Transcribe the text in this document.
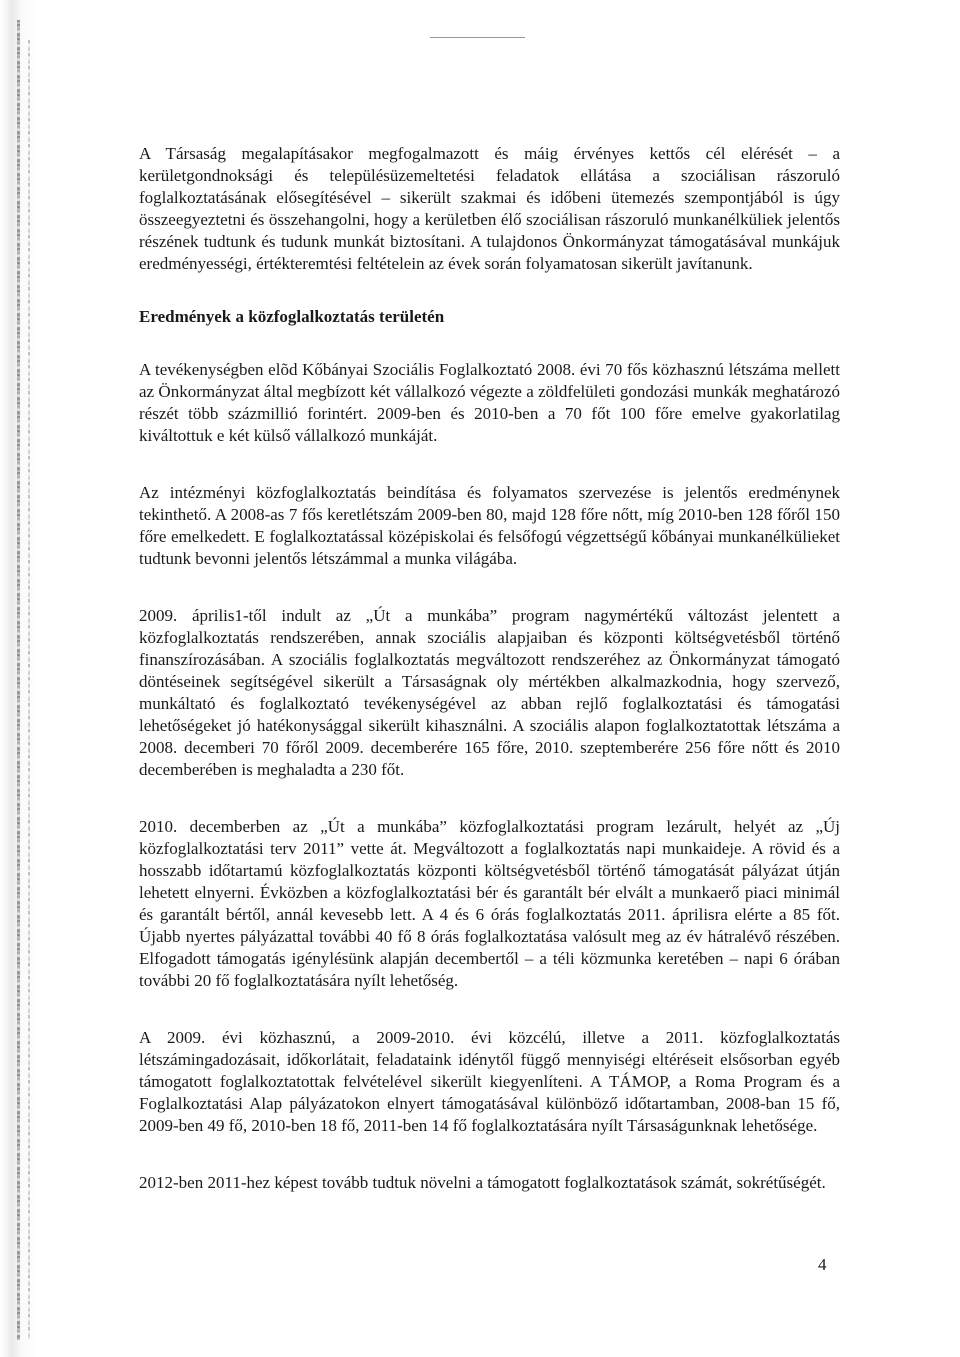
A Társaság megalapításakor megfogalmazott és máig érvényes kettős cél elérését – a kerületgondnoksági és településüzemeltetési feladatok ellátása a szociálisan rászoruló foglalkoztatásának elősegítésével – sikerült szakmai és időbeni ütemezés szempontjából is úgy összeegyeztetni és összehangolni, hogy a kerületben élő szociálisan rászoruló munkanélküliek jelentős részének tudtunk és tudunk munkát biztosítani. A tulajdonos Önkormányzat támogatásával munkájuk eredményességi, értékteremtési feltételein az évek során folyamatosan sikerült javítanunk.

Eredmények a közfoglalkoztatás területén

A tevékenységben elõd Kőbányai Szociális Foglalkoztató 2008. évi 70 fős közhasznú létszáma mellett az Önkormányzat által megbízott két vállalkozó végezte a zöldfelületi gondozási munkák meghatározó részét több százmillió forintért. 2009-ben és 2010-ben a 70 főt 100 főre emelve gyakorlatilag kiváltottuk e két külső vállalkozó munkáját.

Az intézményi közfoglalkoztatás beindítása és folyamatos szervezése is jelentős eredménynek tekinthető. A 2008-as 7 fős keretlétszám 2009-ben 80, majd 128 főre nőtt, míg 2010-ben 128 főről 150 főre emelkedett. E foglalkoztatással középiskolai és felsőfogú végzettségű kőbányai munkanélkülieket tudtunk bevonni jelentős létszámmal a munka világába.

2009. április1-től indult az „Út a munkába” program nagymértékű változást jelentett a közfoglalkoztatás rendszerében, annak szociális alapjaiban és központi költségvetésből történő finanszírozásában. A szociális foglalkoztatás megváltozott rendszeréhez az Önkormányzat támogató döntéseinek segítségével sikerült a Társaságnak oly mértékben alkalmazkodnia, hogy szervező, munkáltató és foglalkoztató tevékenységével az abban rejlő foglalkoztatási és támogatási lehetőségeket jó hatékonysággal sikerült kihasználni. A szociális alapon foglalkoztatottak létszáma a 2008. decemberi 70 főről 2009. decemberére 165 főre, 2010. szeptemberére 256 főre nőtt és 2010 decemberében is meghaladta a 230 főt.

2010. decemberben az „Út a munkába” közfoglalkoztatási program lezárult, helyét az „Új közfoglalkoztatási terv 2011” vette át. Megváltozott a foglalkoztatás napi munkaideje. A rövid és a hosszabb időtartamú közfoglalkoztatás központi költségvetésből történő támogatását pályázat útján lehetett elnyerni. Évközben a közfoglalkoztatási bér és garantált bér elvált a munkaerő piaci minimál és garantált bértől, annál kevesebb lett. A 4 és 6 órás foglalkoztatás 2011. áprilisra elérte a 85 főt. Újabb nyertes pályázattal további 40 fő 8 órás foglalkoztatása valósult meg az év hátralévő részében. Elfogadott támogatás igénylésünk alapján decembertől – a téli közmunka keretében – napi 6 órában további 20 fő foglalkoztatására nyílt lehetőség.

A 2009. évi közhasznú, a 2009-2010. évi közcélú, illetve a 2011. közfoglalkoztatás létszámingadozásait, időkorlátait, feladataink idénytől függő mennyiségi eltéréseit elsősorban egyéb támogatott foglalkoztatottak felvételével sikerült kiegyenlíteni. A TÁMOP, a Roma Program és a Foglalkoztatási Alap pályázatokon elnyert támogatásával különböző időtartamban, 2008-ban 15 fő, 2009-ben 49 fő, 2010-ben 18 fő, 2011-ben 14 fő foglalkoztatására nyílt Társaságunknak lehetősége.

2012-ben 2011-hez képest tovább tudtuk növelni a támogatott foglalkoztatások számát, sokrétűségét.

4
